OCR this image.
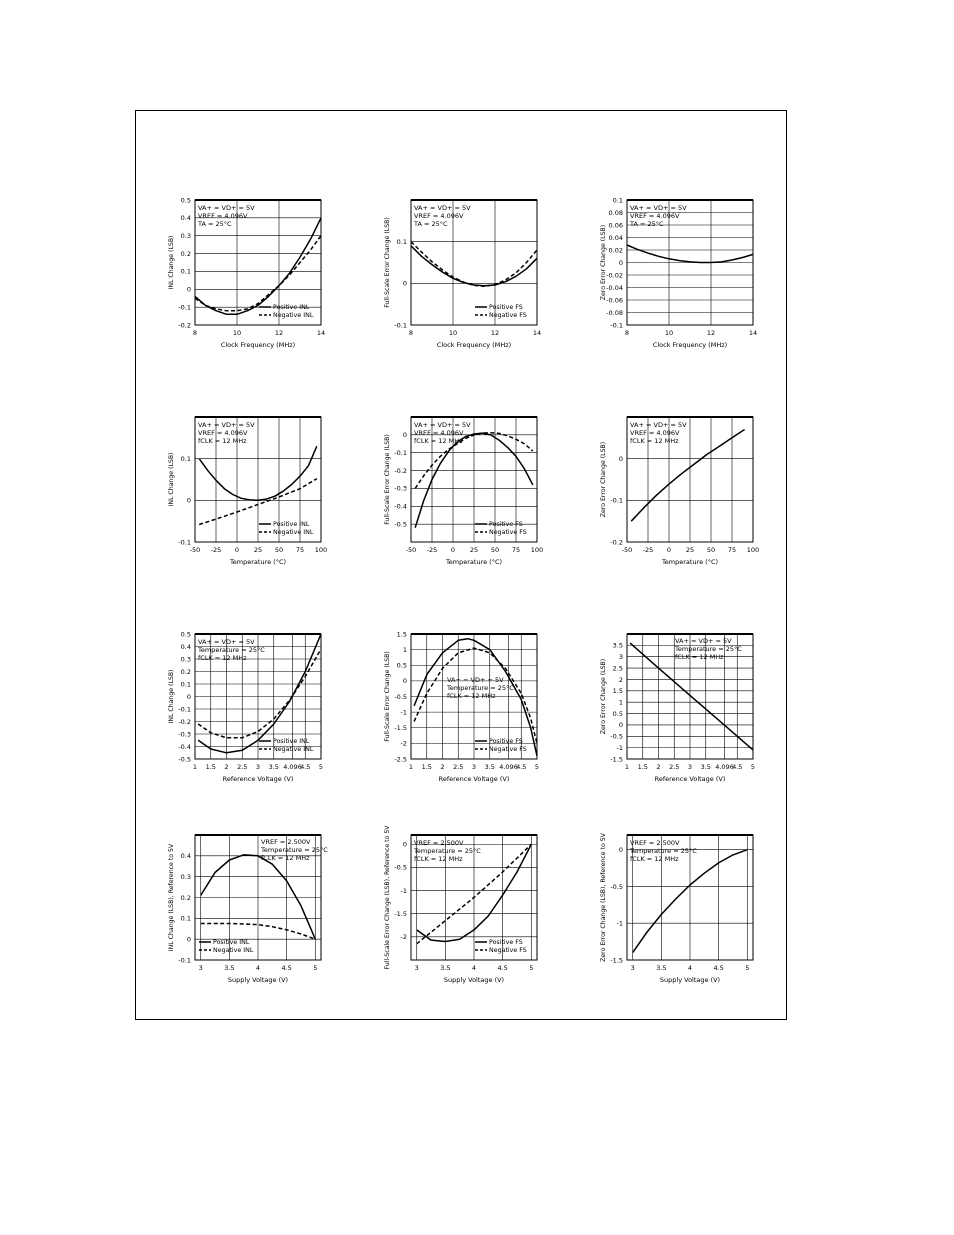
8	10	12	14
-0.2
-0.1
0
0.1
0.2
0.3
0.4
0.5
Clock Frequency (MHz)
INL Change (LSB)
VA+ = VD+ = 5V
VREF = 4.096V
TA = 25°C
Positive INL
Negative INL
8	10	12	14
-0.1
0
0.1
Clock Frequency (MHz)
Full-Scale Error Change (LSB)
VA+ = VD+ = 5V
VREF = 4.096V
TA = 25°C
Positive FS
Negative FS
8	10	12	14
-0.1
-0.08
-0.06
-0.04
-0.02
0
0.02
0.04
0.06
0.08
0.1
Clock Frequency (MHz)
Zero Error Change (LSB)
VA+ = VD+ = 5V
VREF = 4.096V
TA = 25°C
-50 -25 0 25 50 75 100
-0.1
0
0.1
Temperature (°C)
INL Change (LSB)
VA+ = VD+ = 5V
VREF = 4.096V
fCLK = 12 MHz
Positive INL
Negative INL
-50 -25 0 25 50 75 100
-0.5
-0.4
-0.3
-0.2
-0.1
0
Temperature (°C)
Full-Scale Error Change (LSB)
VA+ = VD+ = 5V
VREF = 4.096V
fCLK = 12 MHz
Positive FS
Negative FS
-50 -25 0 25 50 75 100
-0.2
-0.1
0
Temperature (°C)
Zero Error Change (LSB)
VA+ = VD+ = 5V
VREF = 4.096V
fCLK = 12 MHz
1 1.5 2 2.5 3 3.5 4.096
4.5 5
-0.5
-0.4
-0.3
-0.2
-0.1
0
0.1
0.2
0.3
0.4
0.5
Reference Voltage (V)
INL Change (LSB)
VA+ = VD+ = 5V
Temperature = 25°C
fCLK = 12 MHz
Positive INL
Negative INL
1 1.5 2 2.5 3 3.5 4.096
4.5 5
-2.5
-2
-1.5
-1
-0.5
0
0.5
1
1.5
Reference Voltage (V)
Full-Scale Error Change (LSB)	VA+ = VD+ = 5V
Temperature = 25°C
fCLK = 12 MHz
Positive FS
Negative FS
1 1.5 2 2.5 3 3.5 4.096
4.5 5
-1.5
-1
-0.5
0
0.5
1
1.5
2
2.5
3
3.5
Reference Voltage (V)
Zero Error Change (LSB)
VA+ = VD+ = 5V
Temperature = 25°C
fCLK = 12 MHz
3	3.5	4	4.5	5
-0.1
0
0.1
0.2
0.3
0.4
Supply Voltage (V)
INL Change (LSB), Reference to 5V
VREF = 2.500V
Temperature = 25°C
fCLK = 12 MHz
Positive INL
Negative INL
3	3.5	4	4.5	5
-2
-1.5
-1
-0.5
0
Supply Voltage (V)
Full-Scale Error Change (LSB), Reference to 5V	VREF = 2.500V
Temperature = 25°C
fCLK = 12 MHz
Positive FS
Negative FS
3	3.5	4	4.5	5
-1.5
-1
-0.5
0
Supply Voltage (V)
Zero Error Change (LSB), Reference to 5V	VREF = 2.500V
Temperature = 25°C
fCLK = 12 MHz
